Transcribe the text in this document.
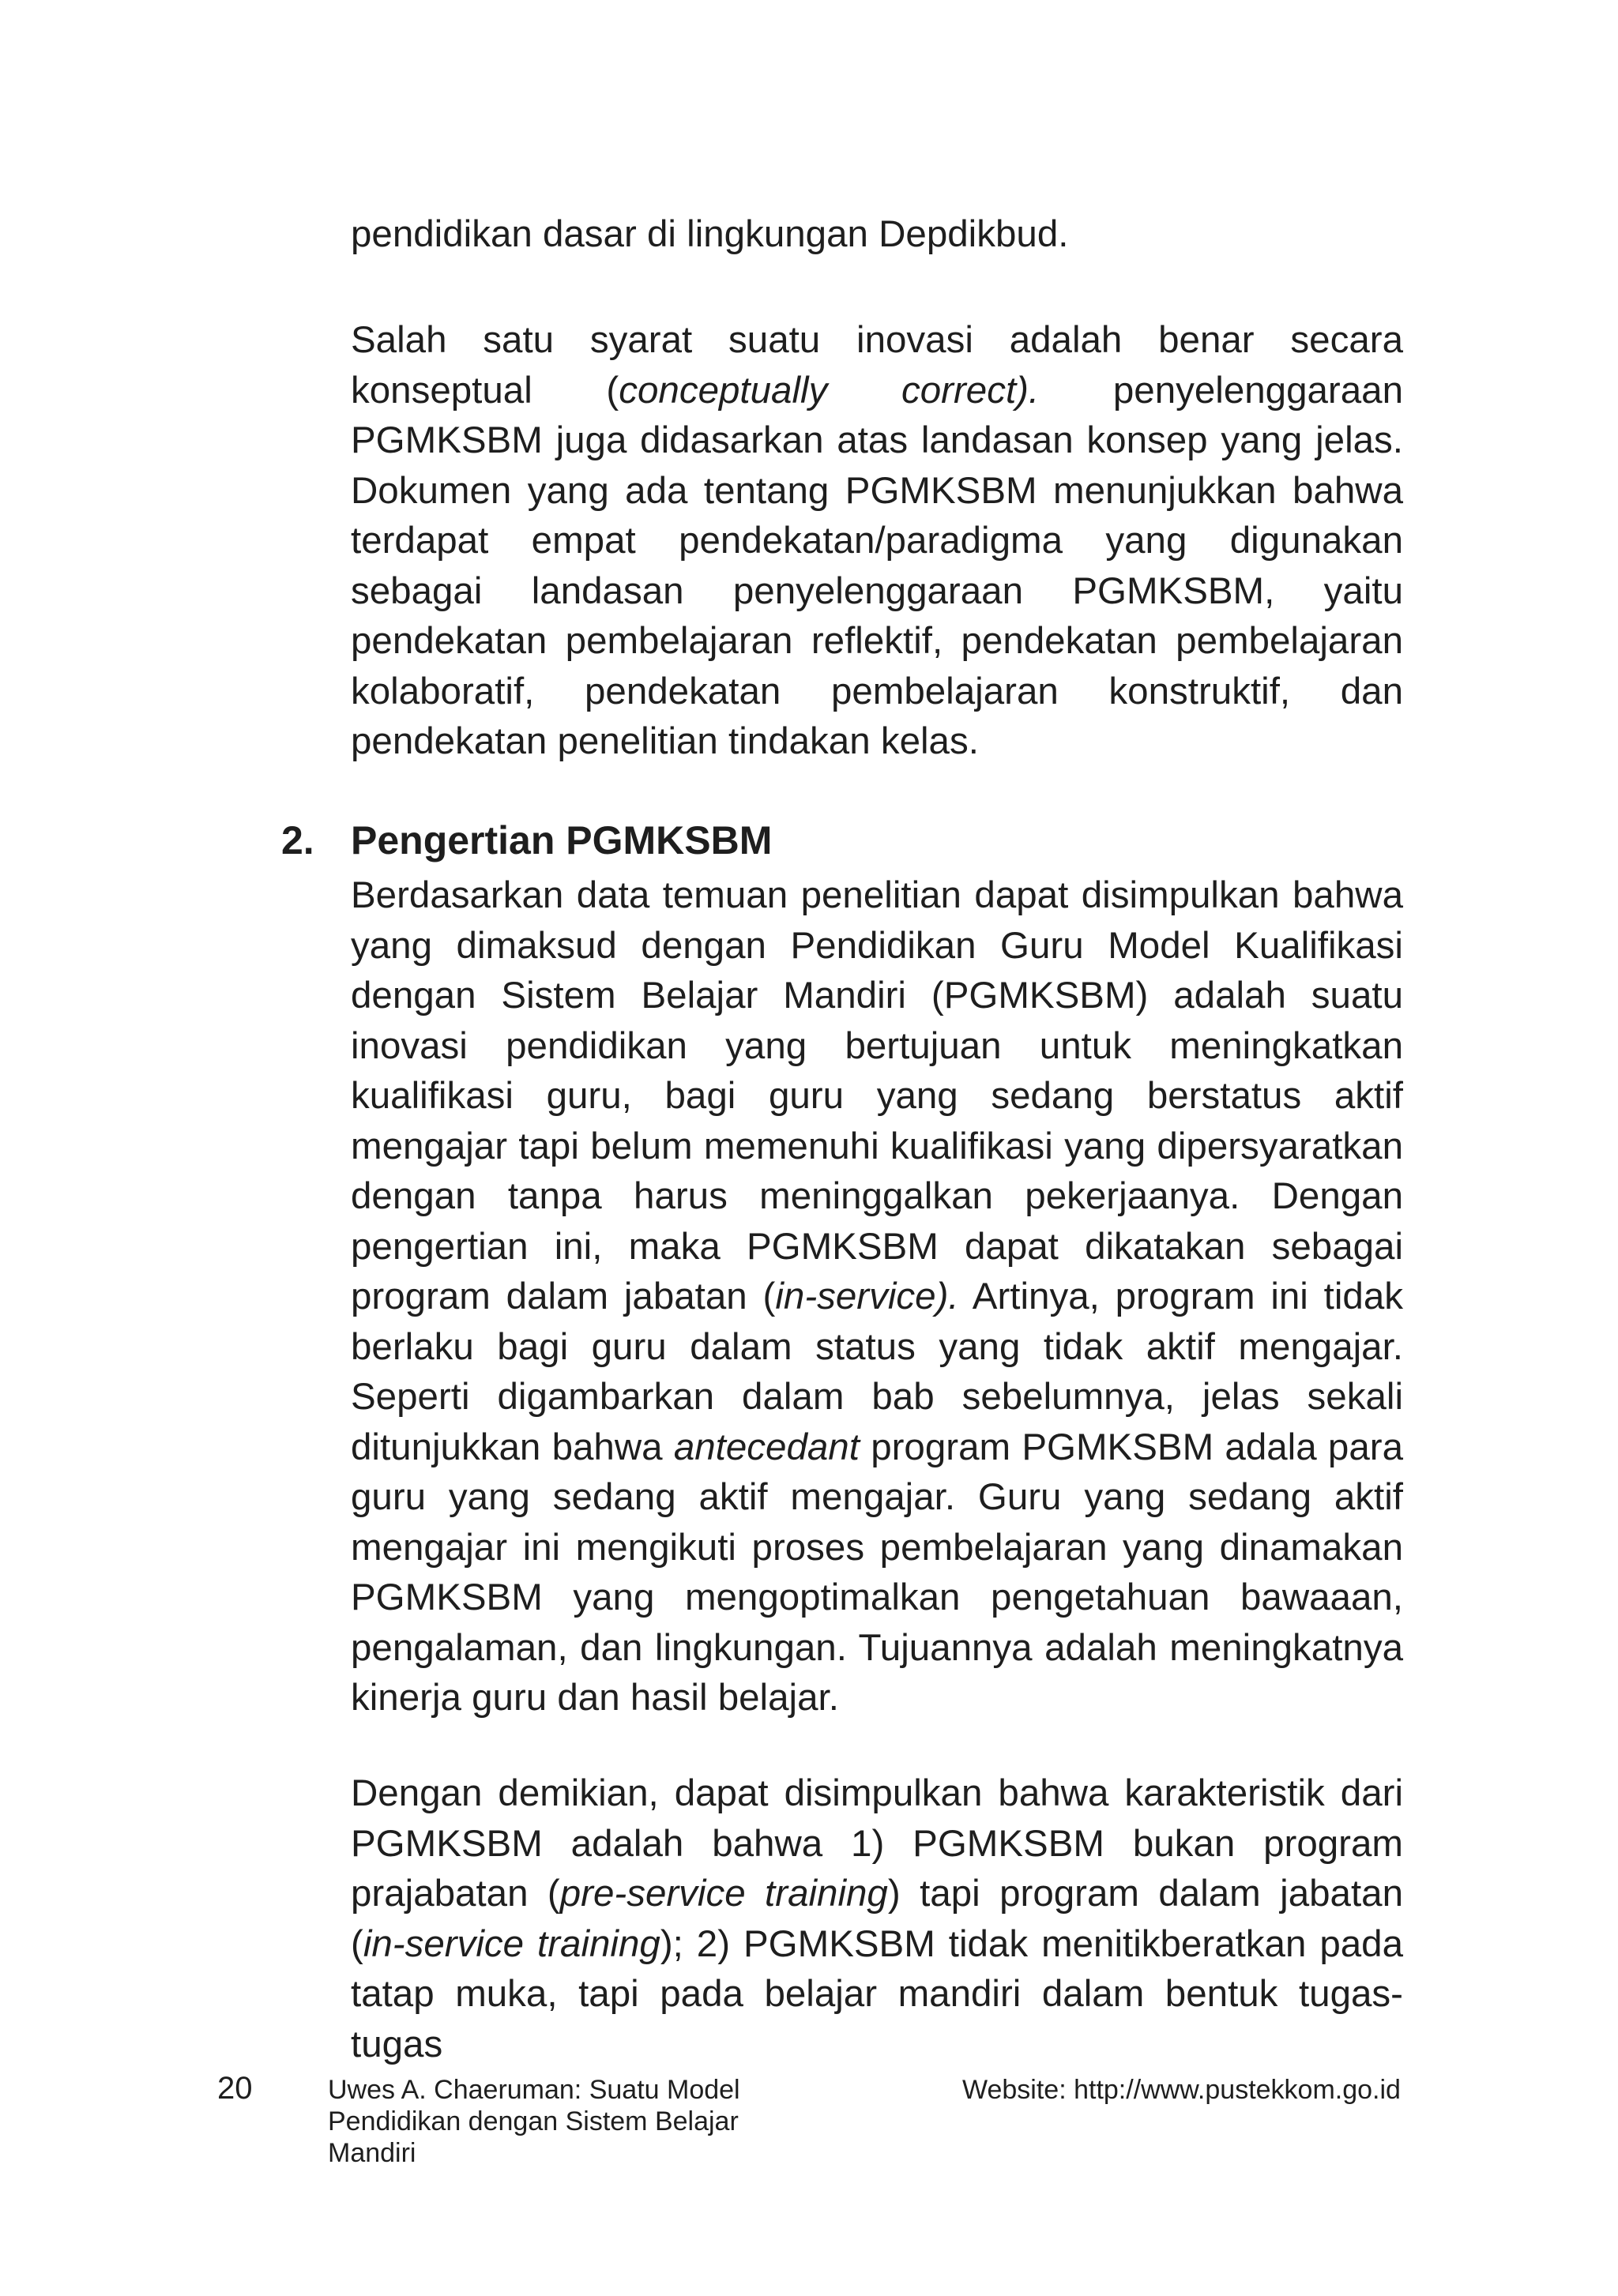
pendidikan dasar di lingkungan Depdikbud.

Salah satu syarat suatu inovasi adalah benar secara konseptual (conceptually correct). penyelenggaraan PGMKSBM juga didasarkan atas landasan konsep yang jelas. Dokumen yang ada tentang PGMKSBM menunjukkan bahwa terdapat empat pendekatan/paradigma yang digunakan sebagai landasan penyelenggaraan PGMKSBM, yaitu pendekatan pembelajaran reflektif, pendekatan pembelajaran kolaboratif, pendekatan pembelajaran konstruktif, dan pendekatan penelitian tindakan kelas.

2. Pengertian PGMKSBM

Berdasarkan data temuan penelitian dapat disimpulkan bahwa yang dimaksud dengan Pendidikan Guru Model Kualifikasi dengan Sistem Belajar Mandiri (PGMKSBM) adalah suatu inovasi pendidikan yang bertujuan untuk meningkatkan kualifikasi guru, bagi guru yang sedang berstatus aktif mengajar tapi belum memenuhi kualifikasi yang dipersyaratkan dengan tanpa harus meninggalkan pekerjaanya. Dengan pengertian ini, maka PGMKSBM dapat dikatakan sebagai program dalam jabatan (in-service). Artinya, program ini tidak berlaku bagi guru dalam status yang tidak aktif mengajar. Seperti digambarkan dalam bab sebelumnya, jelas sekali ditunjukkan bahwa antecedant program PGMKSBM adala para guru yang sedang aktif mengajar. Guru yang sedang aktif mengajar ini mengikuti proses pembelajaran yang dinamakan PGMKSBM yang mengoptimalkan pengetahuan bawaaan, pengalaman, dan lingkungan. Tujuannya adalah meningkatnya kinerja guru dan hasil belajar.

Dengan demikian, dapat disimpulkan bahwa karakteristik dari PGMKSBM adalah bahwa 1) PGMKSBM bukan program prajabatan (pre-service training) tapi program dalam jabatan (in-service training); 2) PGMKSBM tidak menitikberatkan pada tatap muka, tapi pada belajar mandiri dalam bentuk tugas-tugas

20	Uwes A. Chaeruman: Suatu Model Pendidikan dengan Sistem Belajar Mandiri
Website: http://www.pustekkom.go.id
